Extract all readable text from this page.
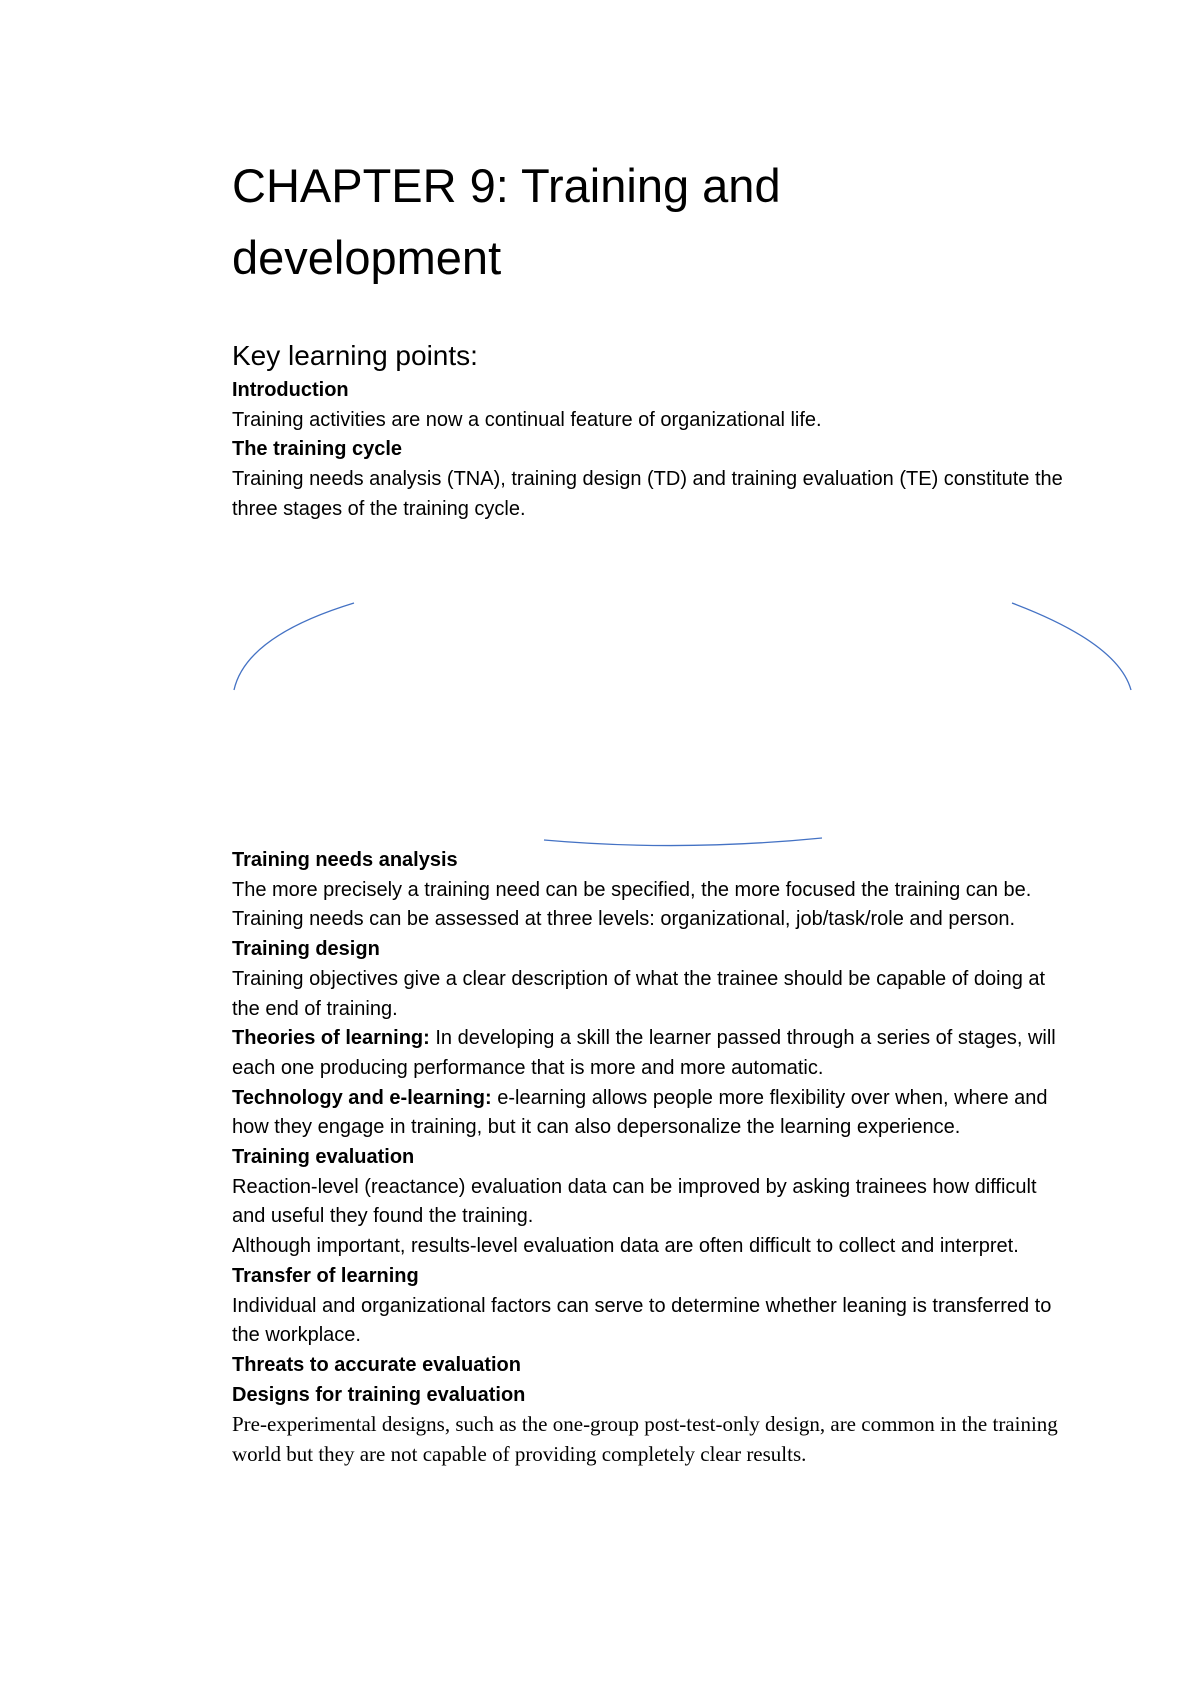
CHAPTER 9: Training and development
Key learning points:

Introduction

Training activities are now a continual feature of organizational life.

The training cycle

Training needs analysis (TNA), training design (TD) and training evaluation (TE) constitute the three stages of the training cycle.

Training needs analysis

The more precisely a training need can be specified, the more focused the training can be. Training needs can be assessed at three levels: organizational, job/task/role and person.

Training design

Training objectives give a clear description of what the trainee should be capable of doing at the end of training.

Theories of learning: In developing a skill the learner passed through a series of stages, will each one producing performance that is more and more automatic.

Technology and e-learning: e-learning allows people more flexibility over when, where and how they engage in training, but it can also depersonalize the learning experience.

Training evaluation

Reaction-level (reactance) evaluation data can be improved by asking trainees how difficult and useful they found the training.

Although important, results-level evaluation data are often difficult to collect and interpret.

Transfer of learning

Individual and organizational factors can serve to determine whether leaning is transferred to the workplace.

Threats to accurate evaluation

Designs for training evaluation

Pre-experimental designs, such as the one-group post-test-only design, are common in the training world but they are not capable of providing completely clear results.
